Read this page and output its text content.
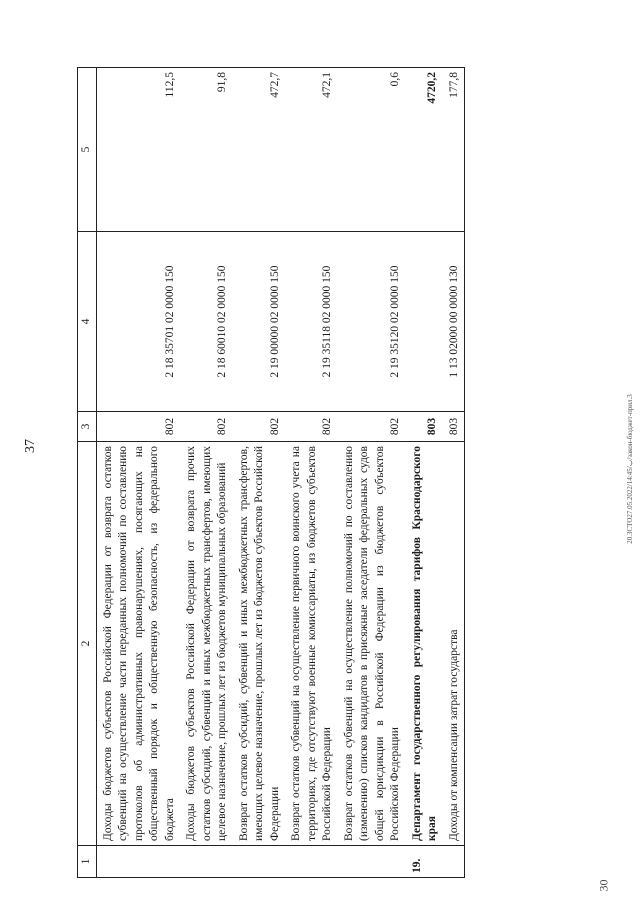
37
20.ЗСТОب/27.05.2022/14:45/закон-бюджет-прил.3
30
1	2	3	4	5
	Доходы бюджетов субъектов Российской Федерации от возврата остатков субвенций на осуществление части переданных полномочий по составлению протоколов об административных правонарушениях, посягающих на общественный порядок и общественную безопасность, из федерального бюджета	802	2 18 35701 02 0000 150	112,5
	Доходы бюджетов субъектов Российской Федерации от возврата прочих остатков субсидий, субвенций и иных межбюджетных трансфертов, имеющих целевое назначение, прошлых лет из бюджетов муниципальных образований	802	2 18 60010 02 0000 150	91,8
	Возврат остатков субсидий, субвенций и иных межбюджетных трансфертов, имеющих целевое назначение, прошлых лет из бюджетов субъектов Российской Федерации	802	2 19 00000 02 0000 150	472,7
	Возврат остатков субвенций на осуществление первичного воинского учета на территориях, где отсутствуют военные комиссариаты, из бюджетов субъектов Российской Федерации	802	2 19 35118 02 0000 150	472,1
	Возврат остатков субвенций на осуществление полномочий по составлению (изменению) списков кандидатов в присяжные заседатели федеральных судов общей юрисдикции в Российской Федерации из бюджетов субъектов Российской Федерации	802	2 19 35120 02 0000 150	0,6
19.	Департамент государственного регулирования тарифов Краснодарского края	803		4720,2
	Доходы от компенсации затрат государства	803	1 13 02000 00 0000 130	177,8
